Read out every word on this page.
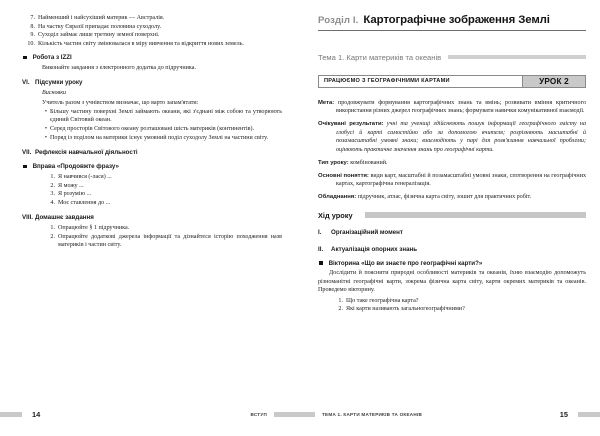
7. Найменший і найсухіший материк — Австралія.
8. На частку Євразії припадає половина суходолу.
9. Суходіл займає лише третину земної поверхні.
10. Кількість частин світу змінювалася в міру вивчення та відкриття нових земель.
Робота з IZZI
Виконайте завдання з електронного додатка до підручника.
VI. Підсумки уроку
Висновки
Учитель разом з учнівством визначає, що варто запам'ятати:
• Більшу частину поверхні Землі займають океани, які з'єднані між собою та утворюють єдиний Світовий океан.
• Серед просторів Світового океану розташовані шість материків (континентів).
• Поряд із поділом на материки існує умовний поділ суходолу Землі на частини світу.
VII. Рефлексія навчальної діяльності
Вправа «Продовжте фразу»
1. Я навчився (-лася) ...
2. Я можу ...
3. Я розумію ...
4. Моє ставлення до ...
VIII. Домашнє завдання
1. Опрацюйте § 1 підручника.
2. Опрацюйте додаткові джерела інформації та дізнайтеся історію походження назв материків і частин світу.
Розділ I. Картографічне зображення Землі
Тема 1. Карти материків та океанів
ПРАЦЮЄМО З ГЕОГРАФІЧНИМИ КАРТАМИ	УРОК 2

Мета: продовжувати формування картографічних знань та вмінь; розвивати вміння критичного використання різних джерел географічних знань; формувати навички комунікативної взаємодії.

Очікувані результати: учні та учениці здійснюють пошук інформації географічного змісту на глобусі й карті самостійно або за допомогою вчителя; розрізняють масштабні й позамасштабні умовні знаки; взаємодіють у парі для розв'язання навчальної проблеми; оцінюють практичне значення знань про географічні карти.

Тип уроку: комбінований.

Основні поняття: види карт, масштабні й позамасштабні умовні знаки, спотворення на географічних картах, картографічна генералізація.

Обладнання: підручник, атлас, фізична карта світу, зошит для практичних робіт.

Хід уроку
I.	Організаційний момент
II.	Актуалізація опорних знань
Вікторина «Що ви знаєте про географічні карти?»
Дослідити й пояснити природні особливості материків та океанів, їхню взаємодію допоможуть різноманітні географічні карти, зокрема фізична карта світу, карти окремих материків та океанів. Проведемо вікторину.
1. Що таке географічна карта?
2. Які карти називають загальногеографічними?
14	ВСТУП	ТЕМА 1. КАРТИ МАТЕРИКІВ ТА ОКЕАНІВ	15
